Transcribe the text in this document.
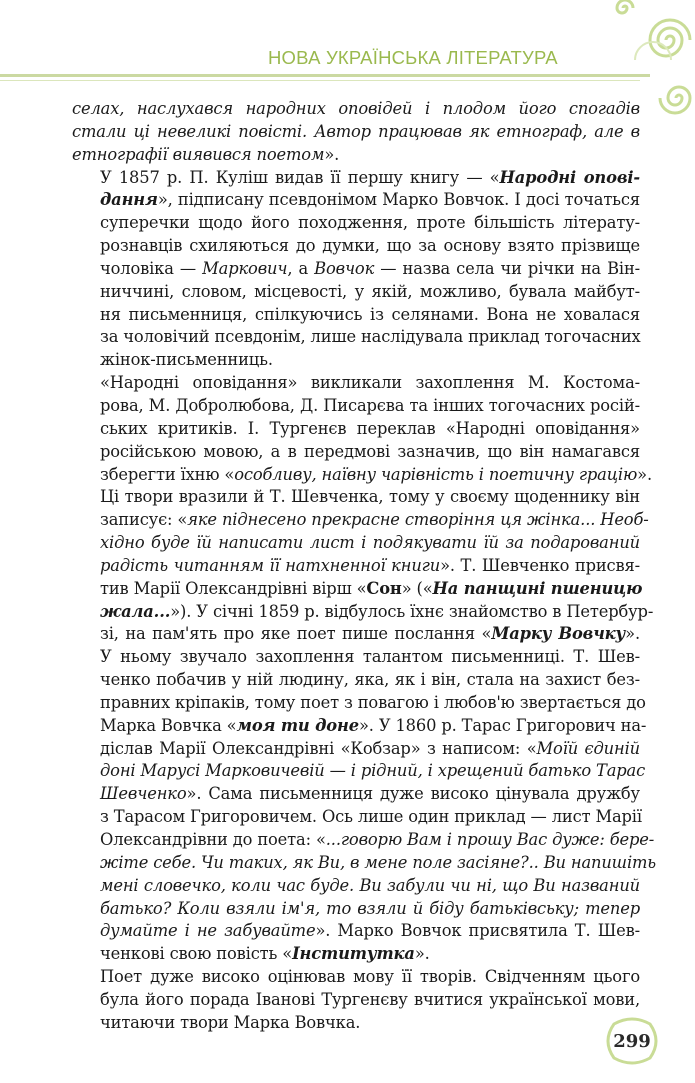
НОВА УКРАЇНСЬКА ЛІТЕРАТУРА

селах, наслухався народних оповідей і плодом його спогадів
стали ці невеликі повісті. Автор працював як етнограф, але в
етнографії виявився поетом».

У 1857 р. П. Куліш видав її першу книгу — «Народні опові-
дання», підписану псевдонімом Марко Вовчок. І досі точаться
суперечки щодо його походження, проте більшість літерату-
рознавців схиляються до думки, що за основу взято прізвище
чоловіка — Маркович, а Вовчок — назва села чи річки на Він-
ниччині, словом, місцевості, у якій, можливо, бувала майбут-
ня письменниця, спілкуючись із селянами. Вона не ховалася
за чоловічий псевдонім, лише наслідувала приклад тогочасних
жінок-письменниць.

«Народні оповідання» викликали захоплення М. Костома-
рова, М. Добролюбова, Д. Писарєва та інших тогочасних росій-
ських критиків. І. Тургенєв переклав «Народні оповідання»
російською мовою, а в передмові зазначив, що він намагався
зберегти їхню «особливу, наївну чарівність і поетичну грацію».
Ці твори вразили й Т. Шевченка, тому у своєму щоденнику він
записує: «яке піднесено прекрасне створіння ця жінка... Необ-
хідно буде їй написати лист і подякувати їй за подарований
радість читанням її натхненної книги». Т. Шевченко присвя-
тив Марії Олександрівні вірш «Сон» («На панщині пшеницю
жала...»). У січні 1859 р. відбулось їхнє знайомство в Петербур-
зі, на пам'ять про яке поет пише послання «Марку Вовчку».
У ньому звучало захоплення талантом письменниці. Т. Шев-
ченко побачив у ній людину, яка, як і він, стала на захист без-
правних кріпаків, тому поет з повагою і любов'ю звертається до
Марка Вовчка «моя ти доне». У 1860 р. Тарас Григорович на-
діслав Марії Олександрівні «Кобзар» з написом: «Моїй єдиній
доні Марусі Марковичевій — і рідний, і хрещений батько Тарас
Шевченко». Сама письменниця дуже високо цінувала дружбу
з Тарасом Григоровичем. Ось лише один приклад — лист Марії
Олександрівни до поета: «...говорю Вам і прошу Вас дуже: бере-
жіте себе. Чи таких, як Ви, в мене поле засіяне?.. Ви напишіть
мені словечко, коли час буде. Ви забули чи ні, що Ви названий
батько? Коли взяли ім'я, то взяли й біду батьківську; тепер
думайте і не забувайте». Марко Вовчок присвятила Т. Шев-
ченкові свою повість «Інститутка».

Поет дуже високо оцінював мову її творів. Свідченням цього
була його порада Іванові Тургенєву вчитися української мови,
читаючи твори Марка Вовчка.

299
